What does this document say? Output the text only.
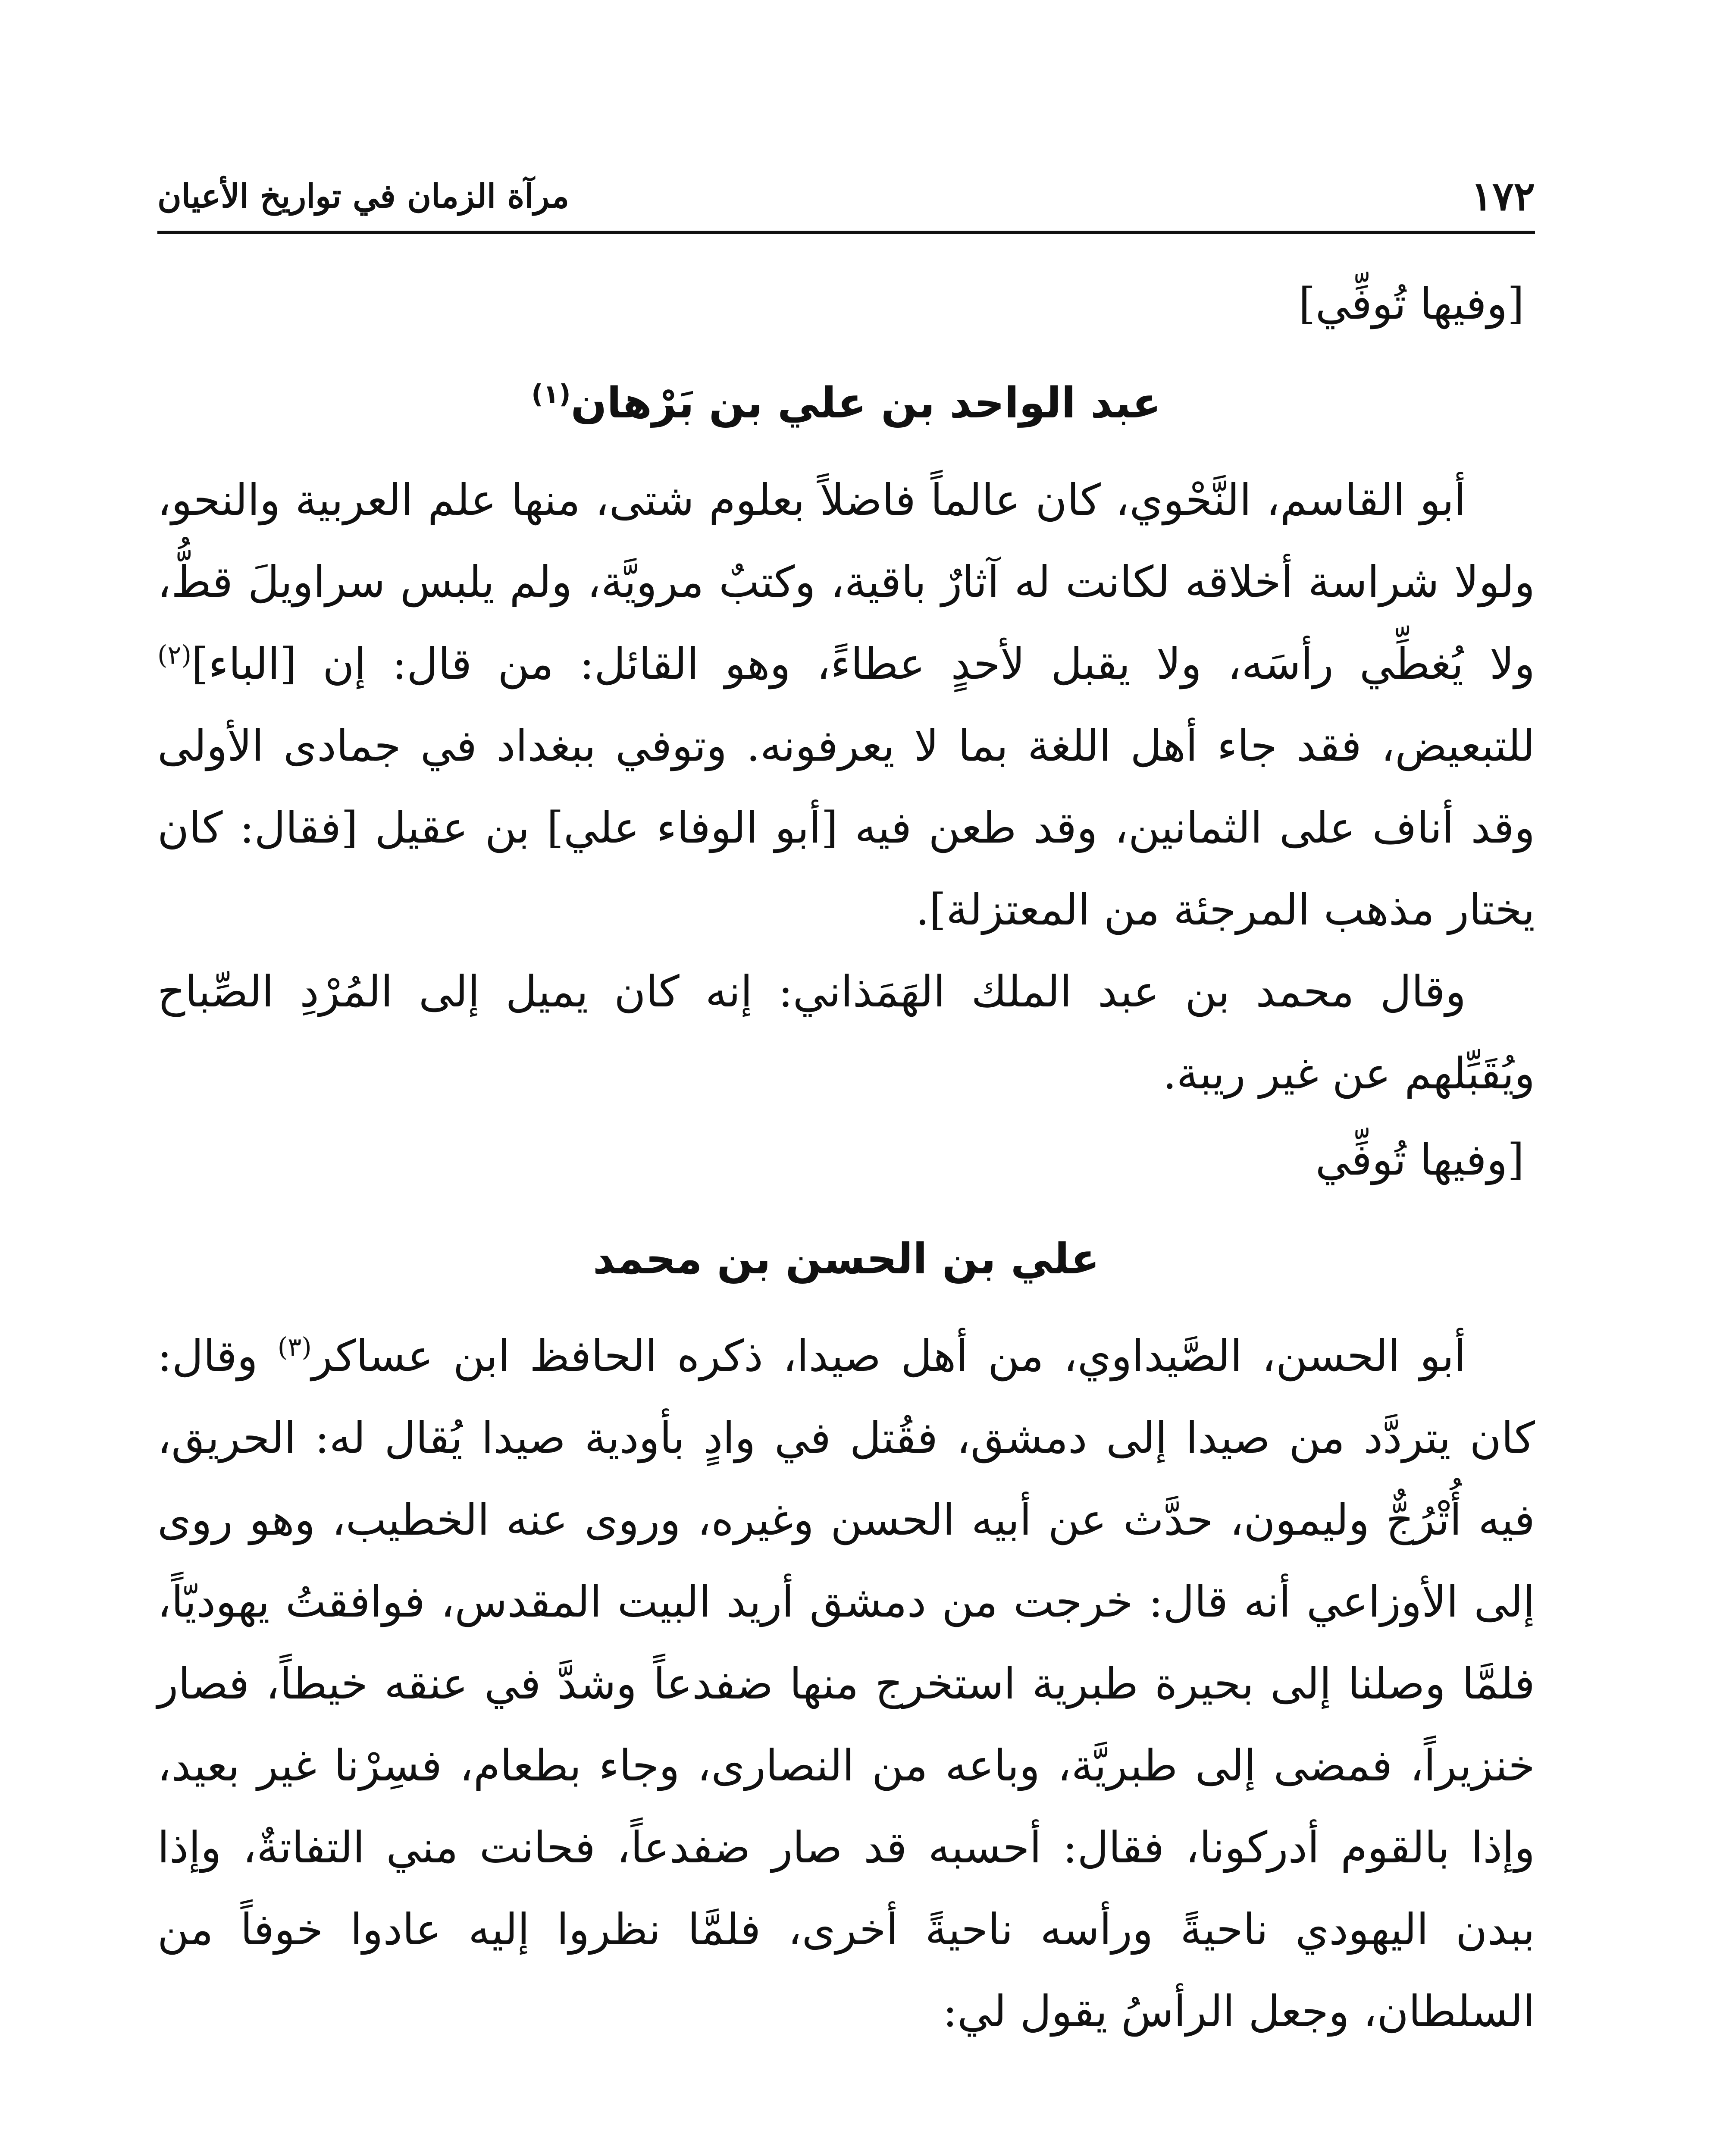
١٧٢
مرآة الزمان في تواريخ الأعيان

[وفيها تُوفِّي]

عبد الواحد بن علي بن بَرْهان$^{(١)}$

أبو القاسم، النَّحْوي، كان عالماً فاضلاً بعلوم شتى، منها علم العربية والنحو، ولولا شراسة أخلاقه لكانت له آثارٌ باقية، وكتبٌ مرويَّة، ولم يلبس سراويلَ قطُّ، ولا يُغطِّي رأسَه، ولا يقبل لأحدٍ عطاءً، وهو القائل: من قال: إن [الباء]$^{(٢)}$ للتبعيض، فقد جاء أهل اللغة بما لا يعرفونه. وتوفي ببغداد في جمادى الأولى وقد أناف على الثمانين، وقد طعن فيه [أبو الوفاء علي] بن عقيل [فقال: كان يختار مذهب المرجئة من المعتزلة].

وقال محمد بن عبد الملك الهَمَذاني: إنه كان يميل إلى المُرْدِ الصِّباح ويُقَبِّلهم عن غير ريبة.

[وفيها تُوفِّي

علي بن الحسن بن محمد

أبو الحسن، الصَّيداوي، من أهل صيدا، ذكره الحافظ ابن عساكر$^{(٣)}$ وقال: كان يتردَّد من صيدا إلى دمشق، فقُتل في وادٍ بأودية صيدا يُقال له: الحريق، فيه أُتْرُجٌّ وليمون، حدَّث عن أبيه الحسن وغيره، وروى عنه الخطيب، وهو روى إلى الأوزاعي أنه قال: خرجت من دمشق أريد البيت المقدس، فوافقتُ يهوديّاً، فلمَّا وصلنا إلى بحيرة طبرية استخرج منها ضفدعاً وشدَّ في عنقه خيطاً، فصار خنزيراً، فمضى إلى طبريَّة، وباعه من النصارى، وجاء بطعام، فسِرْنا غير بعيد، وإذا بالقوم أدركونا، فقال: أحسبه قد صار ضفدعاً، فحانت مني التفاتةٌ، وإذا ببدن اليهودي ناحيةً ورأسه ناحيةً أخرى، فلمَّا نظروا إليه عادوا خوفاً من السلطان، وجعل الرأسُ يقول لي:
